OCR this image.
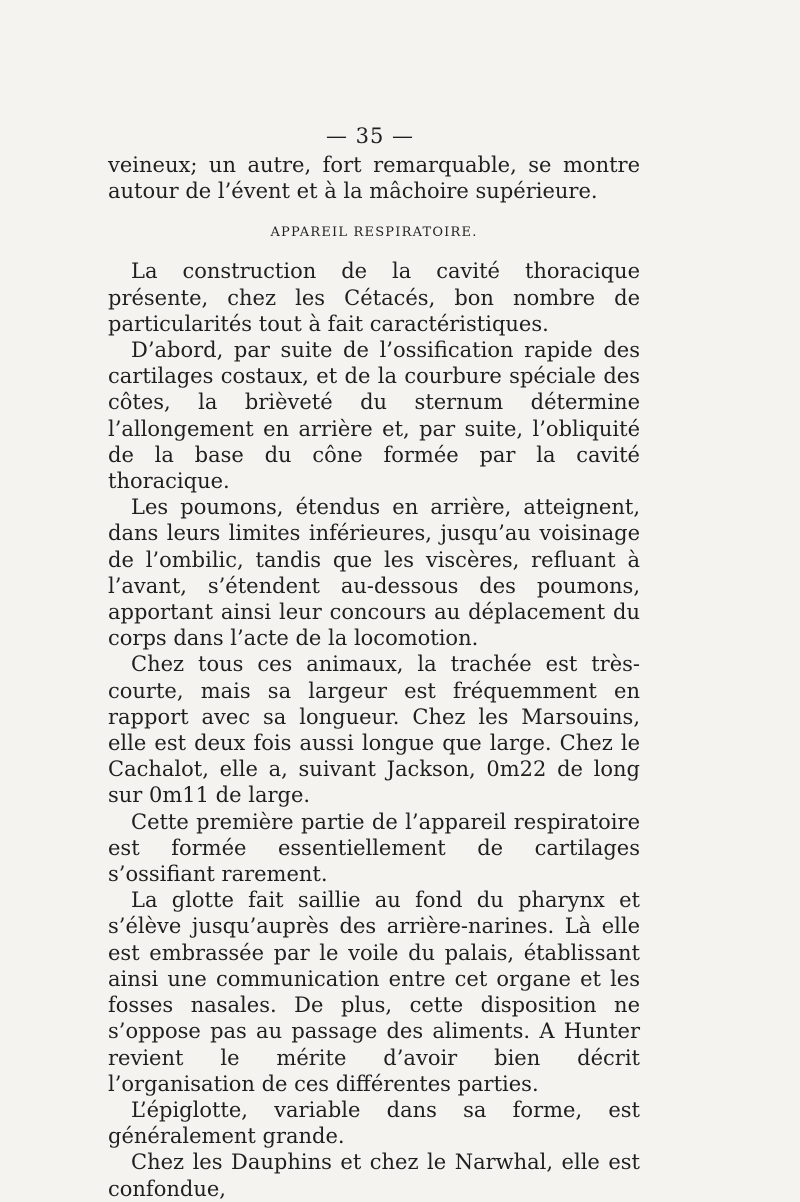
— 35 —

veineux; un autre, fort remarquable, se montre autour de l’évent et à la mâchoire supérieure.

APPAREIL RESPIRATOIRE.

La construction de la cavité thoracique présente, chez les Cétacés, bon nombre de particularités tout à fait caractéristiques.

D’abord, par suite de l’ossification rapide des cartilages costaux, et de la courbure spéciale des côtes, la brièveté du sternum détermine l’allongement en arrière et, par suite, l’obliquité de la base du cône formée par la cavité thoracique.

Les poumons, étendus en arrière, atteignent, dans leurs limites inférieures, jusqu’au voisinage de l’ombilic, tandis que les viscères, refluant à l’avant, s’étendent au-dessous des poumons, apportant ainsi leur concours au déplacement du corps dans l’acte de la locomotion.

Chez tous ces animaux, la trachée est très-courte, mais sa largeur est fréquemment en rapport avec sa longueur. Chez les Marsouins, elle est deux fois aussi longue que large. Chez le Cachalot, elle a, suivant Jackson, 0m22 de long sur 0m11 de large.

Cette première partie de l’appareil respiratoire est formée essentiellement de cartilages s’ossifiant rarement.

La glotte fait saillie au fond du pharynx et s’élève jusqu’auprès des arrière-narines. Là elle est embrassée par le voile du palais, établissant ainsi une communication entre cet organe et les fosses nasales. De plus, cette disposition ne s’oppose pas au passage des aliments. A Hunter revient le mérite d’avoir bien décrit l’organisation de ces différentes parties.

L’épiglotte, variable dans sa forme, est généralement grande.

Chez les Dauphins et chez le Narwhal, elle est confondue,
